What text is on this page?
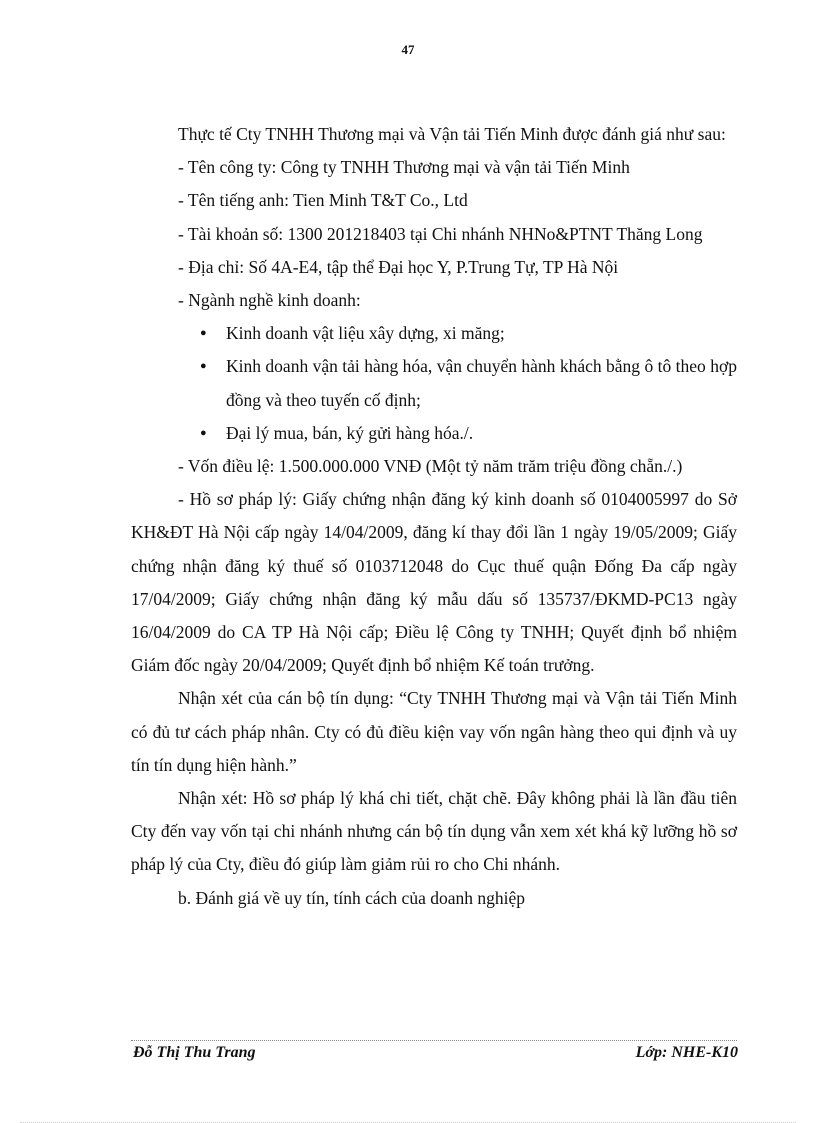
47

Thực tế Cty TNHH Thương mại và Vận tải Tiến Minh được đánh giá như sau:

- Tên công ty: Công ty TNHH Thương mại và vận tải Tiến Minh

- Tên tiếng anh: Tien Minh T&T Co., Ltd

- Tài khoản số: 1300 201218403 tại Chi nhánh NHNo&PTNT Thăng Long

- Địa chỉ: Số 4A-E4, tập thể Đại học Y, P.Trung Tự, TP Hà Nội

- Ngành nghề kinh doanh:

● Kinh doanh vật liệu xây dựng, xi măng;
● Kinh doanh vận tải hàng hóa, vận chuyển hành khách bằng ô tô theo hợp đồng và theo tuyến cố định;
● Đại lý mua, bán, ký gửi hàng hóa./.

- Vốn điều lệ: 1.500.000.000 VNĐ (Một tỷ năm trăm triệu đồng chẵn./.)

- Hồ sơ pháp lý: Giấy chứng nhận đăng ký kinh doanh số 0104005997 do Sở KH&ĐT Hà Nội cấp ngày 14/04/2009, đăng kí thay đổi lần 1 ngày 19/05/2009; Giấy chứng nhận đăng ký thuế số 0103712048 do Cục thuế quận Đống Đa cấp ngày 17/04/2009; Giấy chứng nhận đăng ký mẫu dấu số 135737/ĐKMD-PC13 ngày 16/04/2009 do CA TP Hà Nội cấp; Điều lệ Công ty TNHH; Quyết định bổ nhiệm Giám đốc ngày 20/04/2009; Quyết định bổ nhiệm Kế toán trưởng.

Nhận xét của cán bộ tín dụng: “Cty TNHH Thương mại và Vận tải Tiến Minh có đủ tư cách pháp nhân. Cty có đủ điều kiện vay vốn ngân hàng theo qui định và uy tín tín dụng hiện hành.”

Nhận xét: Hồ sơ pháp lý khá chi tiết, chặt chẽ. Đây không phải là lần đầu tiên Cty đến vay vốn tại chi nhánh nhưng cán bộ tín dụng vẫn xem xét khá kỹ lưỡng hồ sơ pháp lý của Cty, điều đó giúp làm giảm rủi ro cho Chi nhánh.

b. Đánh giá về uy tín, tính cách của doanh nghiệp

Đỗ Thị Thu Trang	Lớp: NHE-K10
